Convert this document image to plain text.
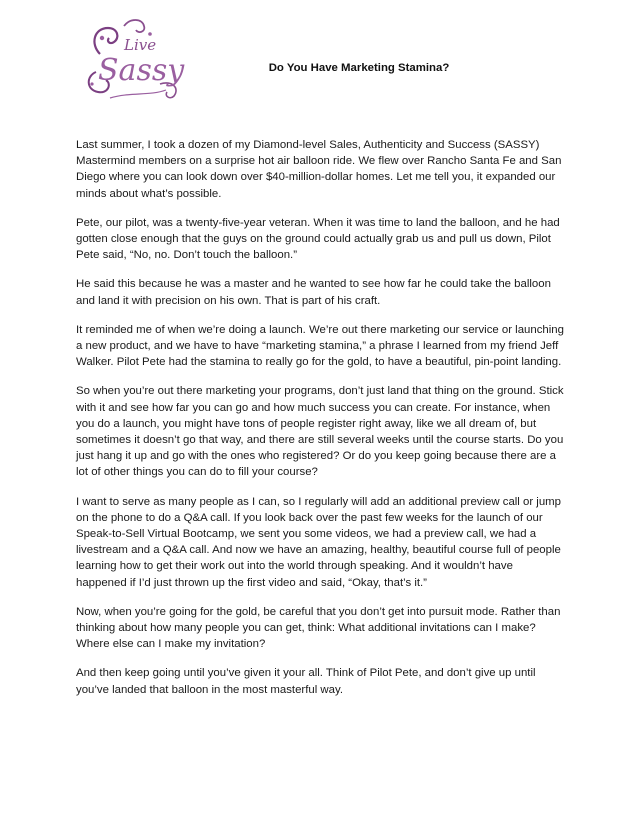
Live
Sassy	Do You Have Marketing Stamina?

Last summer, I took a dozen of my Diamond-level Sales, Authenticity and Success (SASSY) Mastermind members on a surprise hot air balloon ride. We flew over Rancho Santa Fe and San Diego where you can look down over $40-million-dollar homes. Let me tell you, it expanded our minds about what’s possible.

Pete, our pilot, was a twenty-five-year veteran. When it was time to land the balloon, and he had gotten close enough that the guys on the ground could actually grab us and pull us down, Pilot Pete said, “No, no. Don’t touch the balloon.”

He said this because he was a master and he wanted to see how far he could take the balloon and land it with precision on his own. That is part of his craft.

It reminded me of when we’re doing a launch. We’re out there marketing our service or launching a new product, and we have to have “marketing stamina,” a phrase I learned from my friend Jeff Walker. Pilot Pete had the stamina to really go for the gold, to have a beautiful, pin-point landing.

So when you’re out there marketing your programs, don’t just land that thing on the ground. Stick with it and see how far you can go and how much success you can create. For instance, when you do a launch, you might have tons of people register right away, like we all dream of, but sometimes it doesn’t go that way, and there are still several weeks until the course starts. Do you just hang it up and go with the ones who registered? Or do you keep going because there are a lot of other things you can do to fill your course?

I want to serve as many people as I can, so I regularly will add an additional preview call or jump on the phone to do a Q&A call. If you look back over the past few weeks for the launch of our Speak-to-Sell Virtual Bootcamp, we sent you some videos, we had a preview call, we had a livestream and a Q&A call. And now we have an amazing, healthy, beautiful course full of people learning how to get their work out into the world through speaking. And it wouldn’t have happened if I’d just thrown up the first video and said, “Okay, that’s it.”

Now, when you’re going for the gold, be careful that you don’t get into pursuit mode. Rather than thinking about how many people you can get, think: What additional invitations can I make? Where else can I make my invitation?

And then keep going until you’ve given it your all. Think of Pilot Pete, and don’t give up until you’ve landed that balloon in the most masterful way.
